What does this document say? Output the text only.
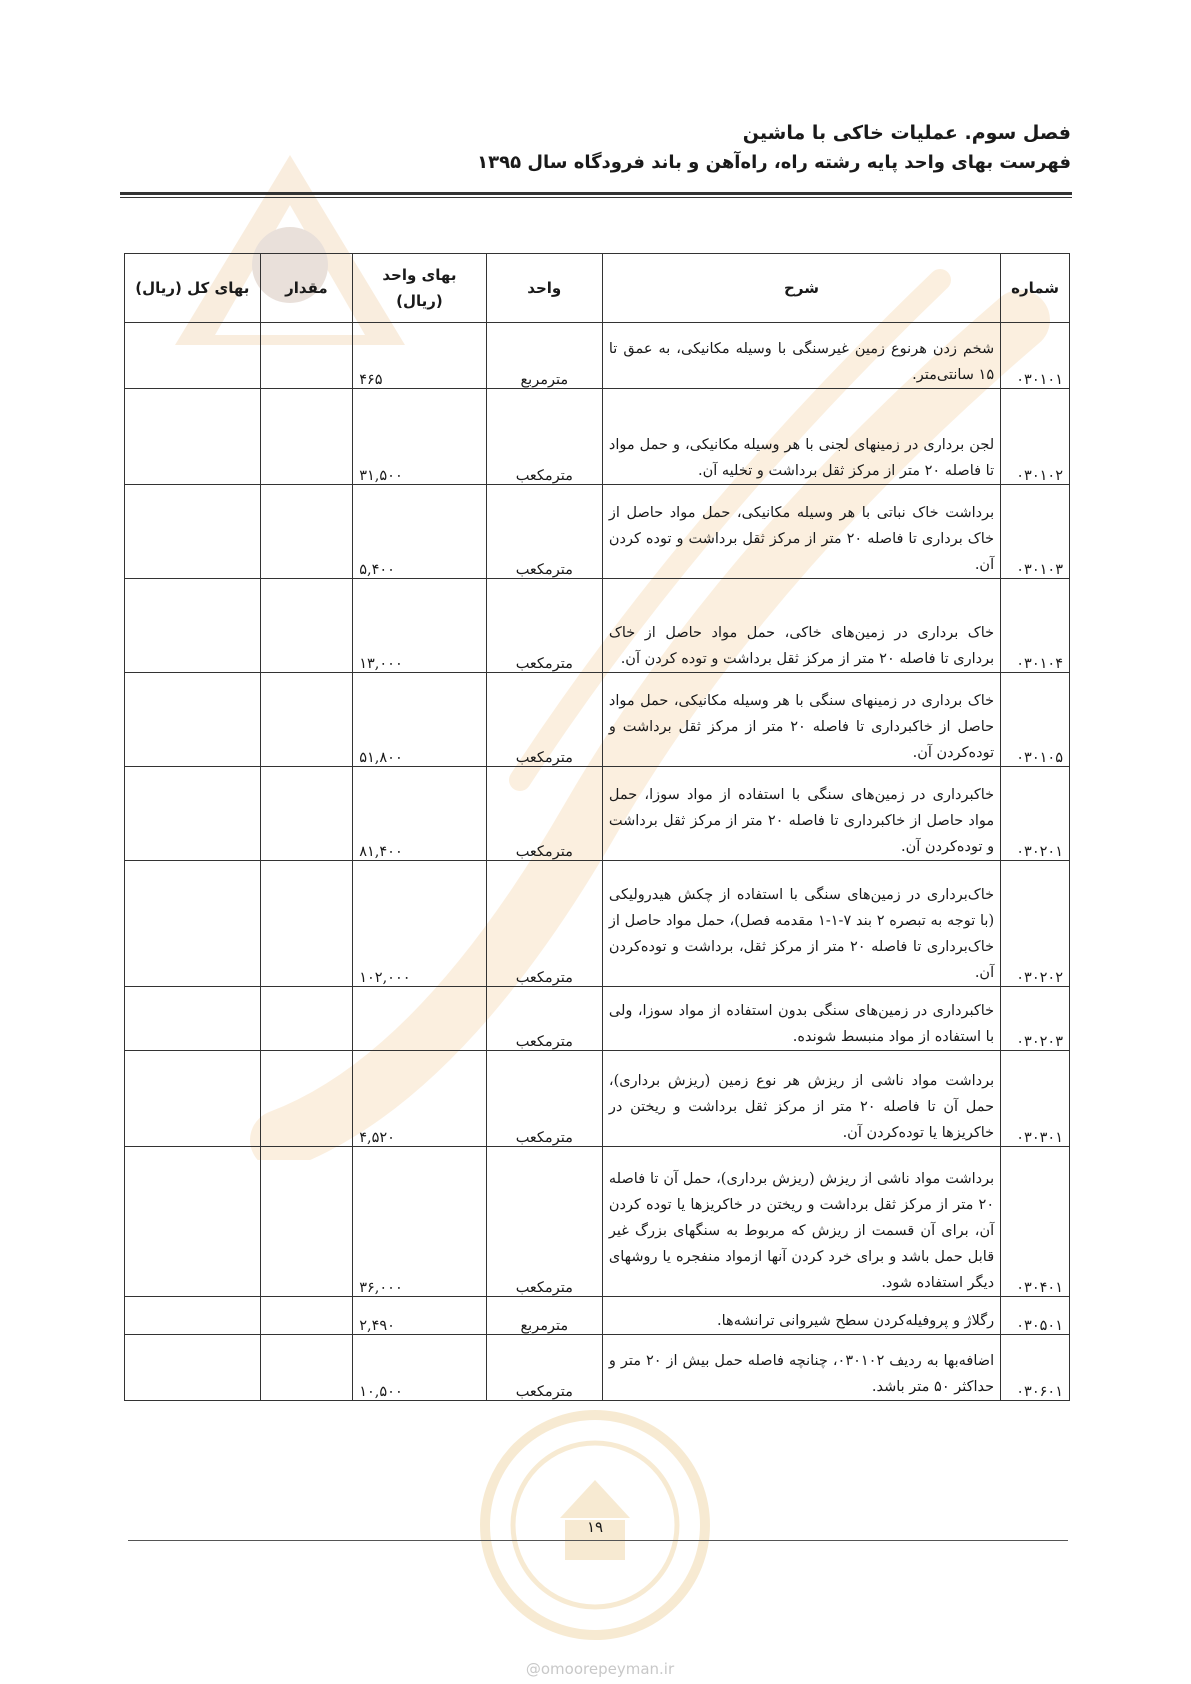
فصل سوم. عملیات خاکی با ماشین
فهرست بهای واحد پایه رشته راه، راه‌آهن و باند فرودگاه سال ۱۳۹۵
شماره	شرح	واحد	بهای واحد
(ریال)	مقدار	بهای کل (ریال)
۰۳۰۱۰۱	شخم زدن هرنوع زمین غیرسنگی با وسیله مکانیکی، به عمق تا ۱۵ سانتی‌متر.	مترمربع	۴۶۵		
۰۳۰۱۰۲	لجن برداری در زمینهای لجنی با هر وسیله مکانیکی، و حمل مواد تا فاصله ۲۰ متر از مرکز ثقل برداشت و تخلیه آن.	مترمکعب	۳۱,۵۰۰		
۰۳۰۱۰۳	برداشت خاک نباتی با هر وسیله مکانیکی، حمل مواد حاصل از خاک برداری تا فاصله ۲۰ متر از مرکز ثقل برداشت و توده کردن آن.	مترمکعب	۵,۴۰۰		
۰۳۰۱۰۴	خاک برداری در زمین‌های خاکی، حمل مواد حاصل از خاک برداری تا فاصله ۲۰ متر از مرکز ثقل برداشت و توده کردن آن.	مترمکعب	۱۳,۰۰۰		
۰۳۰۱۰۵	خاک برداری در زمینهای سنگی با هر وسیله مکانیکی، حمل مواد حاصل از خاکبرداری تا فاصله ۲۰ متر از مرکز ثقل برداشت و توده‌کردن آن.	مترمکعب	۵۱,۸۰۰		
۰۳۰۲۰۱	خاکبرداری در زمین‌های سنگی با استفاده از مواد سوزا، حمل مواد حاصل از خاکبرداری تا فاصله ۲۰ متر از مرکز ثقل برداشت و توده‌کردن آن.	مترمکعب	۸۱,۴۰۰		
۰۳۰۲۰۲	خاک‌برداری در زمین‌های سنگی با استفاده از چکش هیدرولیکی (با توجه به تبصره ۲ بند ۷-۱-۱ مقدمه فصل)، حمل مواد حاصل از خاک‌برداری تا فاصله ۲۰ متر از مرکز ثقل، برداشت و توده‌کردن آن.	مترمکعب	۱۰۲,۰۰۰		
۰۳۰۲۰۳	خاکبرداری در زمین‌های سنگی بدون استفاده از مواد سوزا، ولی با استفاده از مواد منبسط شونده.	مترمکعب			
۰۳۰۳۰۱	برداشت مواد ناشی از ریزش هر نوع زمین (ریزش برداری)، حمل آن تا فاصله ۲۰ متر از مرکز ثقل برداشت و ریختن در خاکریزها یا توده‌کردن آن.	مترمکعب	۴,۵۲۰		
۰۳۰۴۰۱	برداشت مواد ناشی از ریزش (ریزش برداری)، حمل آن تا فاصله ۲۰ متر از مرکز ثقل برداشت و ریختن در خاکریزها یا توده کردن آن، برای آن قسمت از ریزش که مربوط به سنگهای بزرگ غیر قابل حمل باشد و برای خرد کردن آنها ازمواد منفجره یا روشهای دیگر استفاده شود.	مترمکعب	۳۶,۰۰۰		
۰۳۰۵۰۱	رگلاژ و پروفیله‌کردن سطح شیروانی ترانشه‌ها.	مترمربع	۲,۴۹۰		
۰۳۰۶۰۱	اضافه‌بها به ردیف ۰۳۰۱۰۲، چنانچه فاصله حمل بیش از ۲۰ متر و حداکثر ۵۰ متر باشد.	مترمکعب	۱۰,۵۰۰		
۱۹
@omoorepeyman.ir
